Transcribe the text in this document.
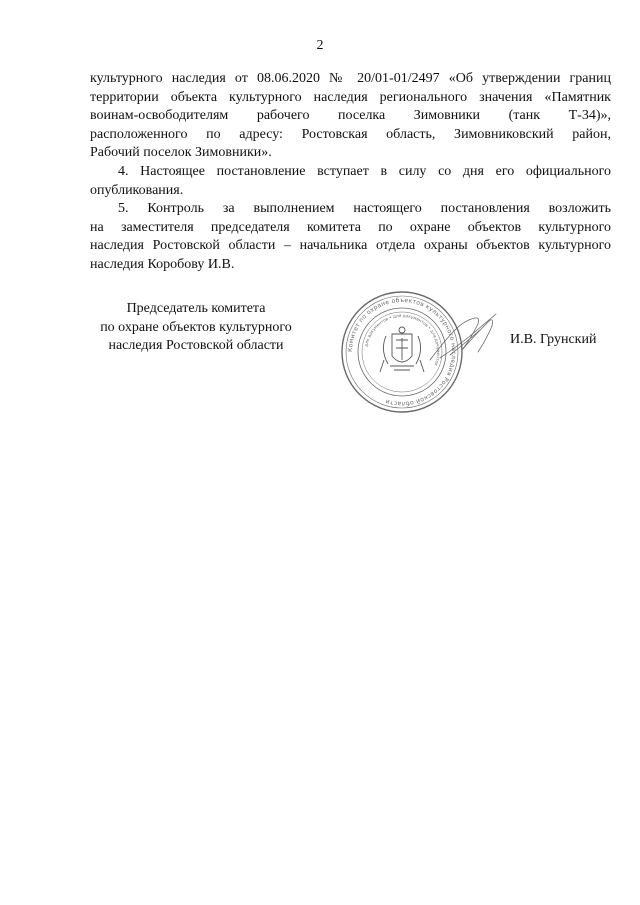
2

культурного наследия от 08.06.2020 № 20/01-01/2497 «Об утверждении границ
территории объекта культурного наследия регионального значения «Памятник
воинам-освободителям рабочего поселка Зимовники (танк Т-34)»,
расположенного по адресу: Ростовская область, Зимовниковский район,
Рабочий поселок Зимовники».

4. Настоящее постановление вступает в силу со дня его официального
опубликования.

5. Контроль за выполнением настоящего постановления возложить
на заместителя председателя комитета по охране объектов культурного
наследия Ростовской области – начальника отдела охраны объектов культурного
наследия Коробову И.В.

Председатель комитета
по охране объектов культурного
наследия Ростовской области	Комитет по охране объектов культурного наследия Ростовской области
для документов • для документов • для документов
И.В. Грунский
